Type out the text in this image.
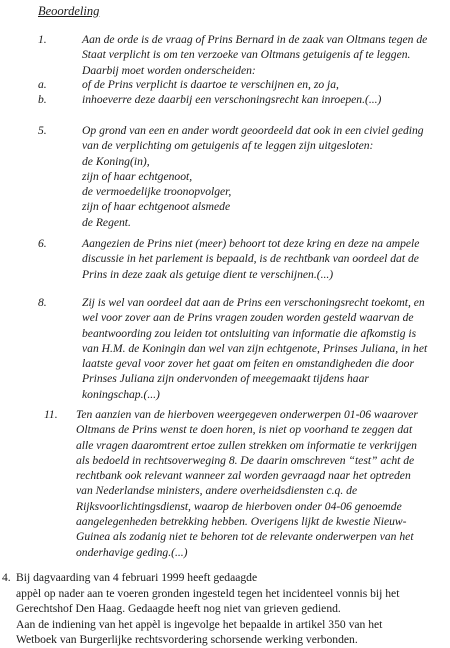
Beoordeling
1.	Aan de orde is de vraag of Prins Bernard in de zaak van Oltmans tegen de
Staat verplicht is om ten verzoeke van Oltmans getuigenis af te leggen.
Daarbij moet worden onderscheiden:
a.	of de Prins verplicht is daartoe te verschijnen en, zo ja,
b.	inhoeverre deze daarbij een verschoningsrecht kan inroepen.(...)
5.	Op grond van een en ander wordt geoordeeld dat ook in een civiel geding
van de verplichting om getuigenis af te leggen zijn uitgesloten:
de Koning(in),
zijn of haar echtgenoot,
de vermoedelijke troonopvolger,
zijn of haar echtgenoot alsmede
de Regent.
6.	Aangezien de Prins niet (meer) behoort tot deze kring en deze na ampele
discussie in het parlement is bepaald, is de rechtbank van oordeel dat de
Prins in deze zaak als getuige dient te verschijnen.(...)
8.	Zij is wel van oordeel dat aan de Prins een verschoningsrecht toekomt, en
wel voor zover aan de Prins vragen zouden worden gesteld waarvan de
beantwoording zou leiden tot ontsluiting van informatie die afkomstig is
van H.M. de Koningin dan wel van zijn echtgenote, Prinses Juliana, in het
laatste geval voor zover het gaat om feiten en omstandigheden die door
Prinses Juliana zijn ondervonden of meegemaakt tijdens haar
koningschap.(...)
11. Ten aanzien van de hierboven weergegeven onderwerpen 01-06 waarover
Oltmans de Prins wenst te doen horen, is niet op voorhand te zeggen dat
alle vragen daaromtrent ertoe zullen strekken om informatie te verkrijgen
als bedoeld in rechtsoverweging 8. De daarin omschreven “test” acht de
rechtbank ook relevant wanneer zal worden gevraagd naar het optreden
van Nederlandse ministers, andere overheidsdiensten c.q. de
Rijksvoorlichtingsdienst, waarop de hierboven onder 04-06 genoemde
aangelegenheden betrekking hebben. Overigens lijkt de kwestie Nieuw-
Guinea als zodanig niet te behoren tot de relevante onderwerpen van het
onderhavige geding.(...)
4. Bij dagvaarding van 4 februari 1999 heeft gedaagde
appèl op nader aan te voeren gronden ingesteld tegen het incidenteel vonnis bij het
Gerechtshof Den Haag. Gedaagde heeft nog niet van grieven gediend.
Aan de indiening van het appèl is ingevolge het bepaalde in artikel 350 van het
Wetboek van Burgerlijke rechtsvordering schorsende werking verbonden.
